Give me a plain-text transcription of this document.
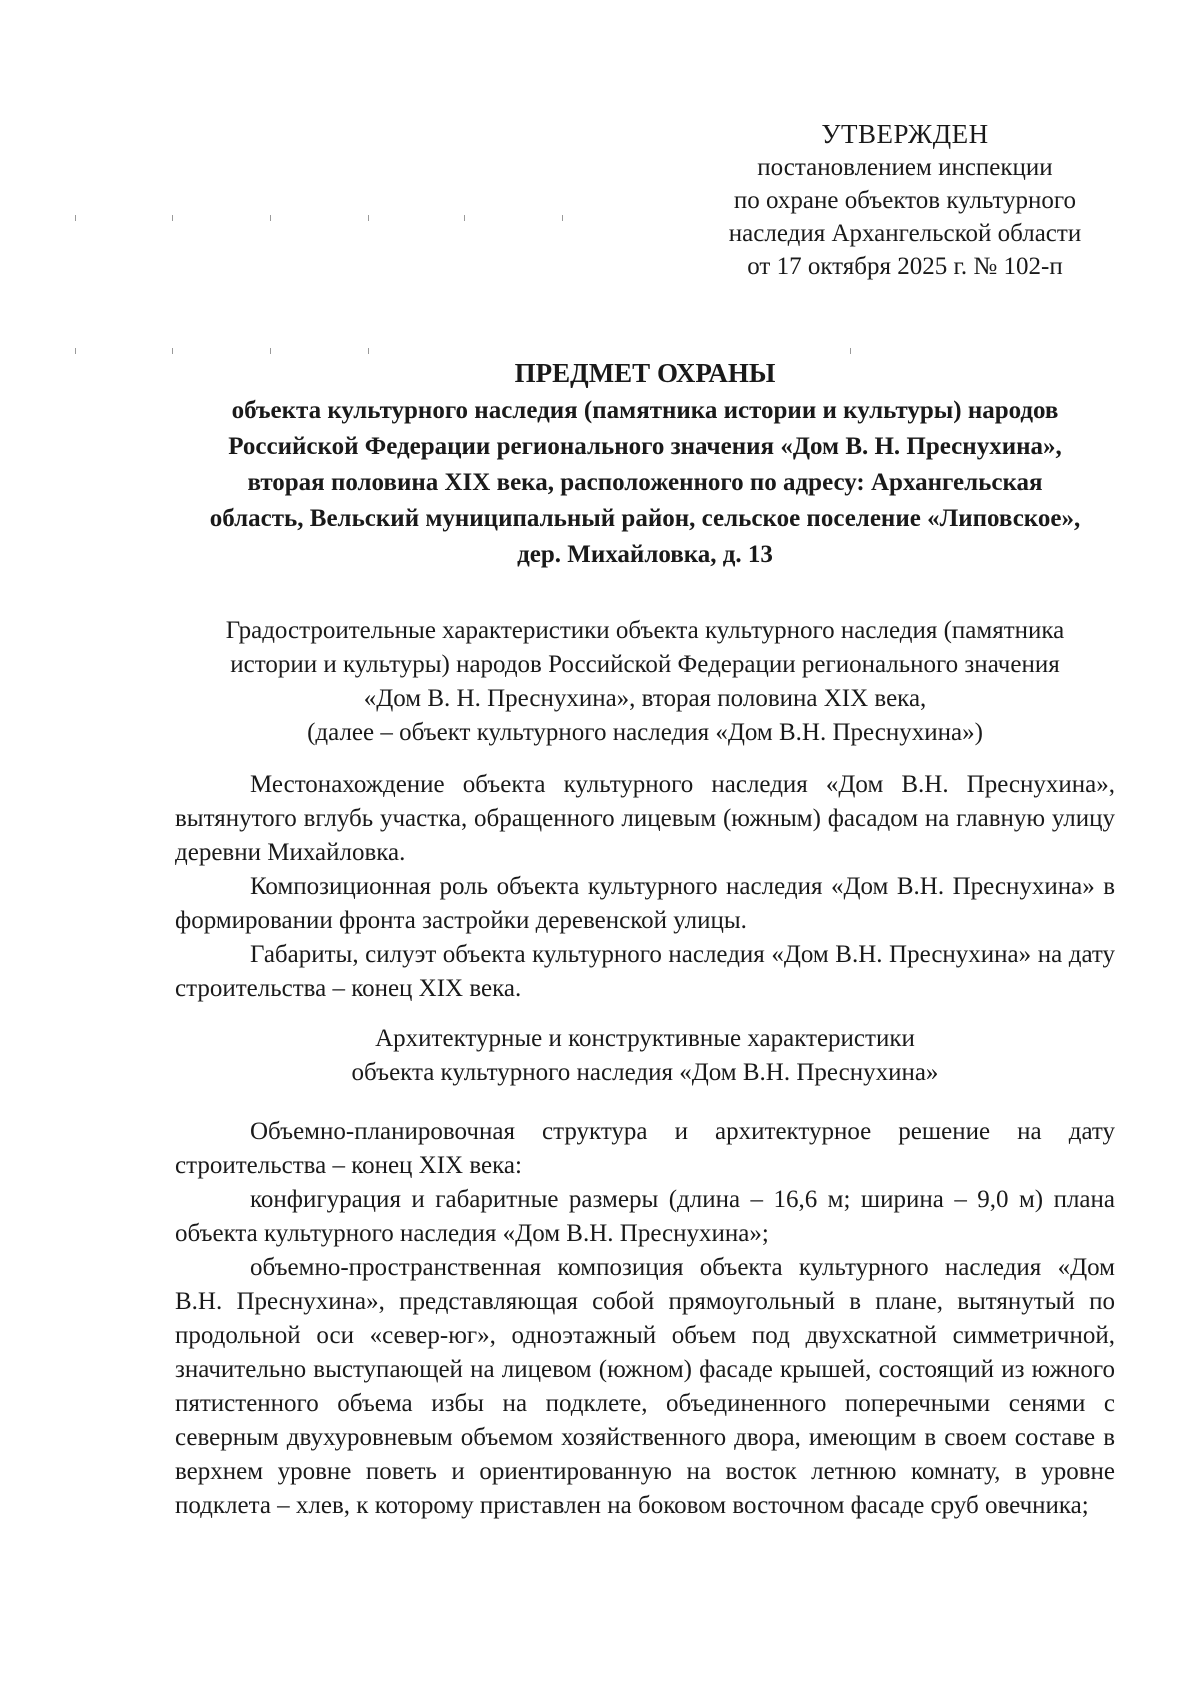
УТВЕРЖДЕН
постановлением инспекции
по охране объектов культурного
наследия Архангельской области
от 17 октября 2025 г. № 102-п
ПРЕДМЕТ ОХРАНЫ
объекта культурного наследия (памятника истории и культуры) народов
Российской Федерации регионального значения «Дом В. Н. Преснухина»,
вторая половина XIX века, расположенного по адресу: Архангельская
область, Вельский муниципальный район, сельское поселение «Липовское»,
дер. Михайловка, д. 13
Градостроительные характеристики объекта культурного наследия (памятника
истории и культуры) народов Российской Федерации регионального значения
«Дом В. Н. Преснухина», вторая половина XIX века,
(далее – объект культурного наследия «Дом В.Н. Преснухина»)
Местонахождение объекта культурного наследия «Дом В.Н. Преснухина», вытянутого вглубь участка, обращенного лицевым (южным) фасадом на главную улицу деревни Михайловка.
Композиционная роль объекта культурного наследия «Дом В.Н. Преснухина» в формировании фронта застройки деревенской улицы.
Габариты, силуэт объекта культурного наследия «Дом В.Н. Преснухина» на дату строительства – конец XIX века.
Архитектурные и конструктивные характеристики
объекта культурного наследия «Дом В.Н. Преснухина»
Объемно-планировочная структура и архитектурное решение на дату строительства – конец XIX века:
конфигурация и габаритные размеры (длина – 16,6 м; ширина – 9,0 м) плана объекта культурного наследия «Дом В.Н. Преснухина»;
объемно-пространственная композиция объекта культурного наследия «Дом В.Н. Преснухина», представляющая собой прямоугольный в плане, вытянутый по продольной оси «север-юг», одноэтажный объем под двухскатной симметричной, значительно выступающей на лицевом (южном) фасаде крышей, состоящий из южного пятистенного объема избы на подклете, объединенного поперечными сенями с северным двухуровневым объемом хозяйственного двора, имеющим в своем составе в верхнем уровне поветь и ориентированную на восток летнюю комнату, в уровне подклета – хлев, к которому приставлен на боковом восточном фасаде сруб овечника;
